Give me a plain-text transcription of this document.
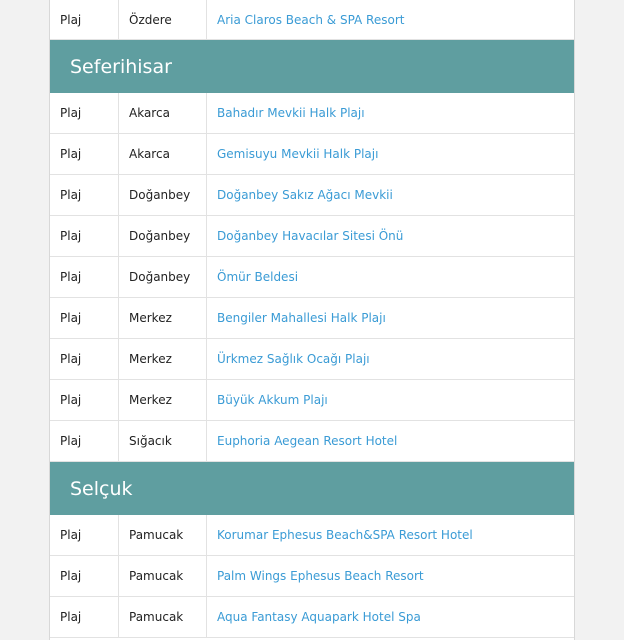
Plaj	Özdere	Aria Claros Beach & SPA Resort
Seferihisar
Plaj	Akarca	Bahadır Mevkii Halk Plajı
Plaj	Akarca	Gemisuyu Mevkii Halk Plajı
Plaj	Doğanbey	Doğanbey Sakız Ağacı Mevkii
Plaj	Doğanbey	Doğanbey Havacılar Sitesi Önü
Plaj	Doğanbey	Ömür Beldesi
Plaj	Merkez	Bengiler Mahallesi Halk Plajı
Plaj	Merkez	Ürkmez Sağlık Ocağı Plajı
Plaj	Merkez	Büyük Akkum Plajı
Plaj	Sığacık	Euphoria Aegean Resort Hotel
Selçuk
Plaj	Pamucak	Korumar Ephesus Beach&SPA Resort Hotel
Plaj	Pamucak	Palm Wings Ephesus Beach Resort
Plaj	Pamucak	Aqua Fantasy Aquapark Hotel Spa
